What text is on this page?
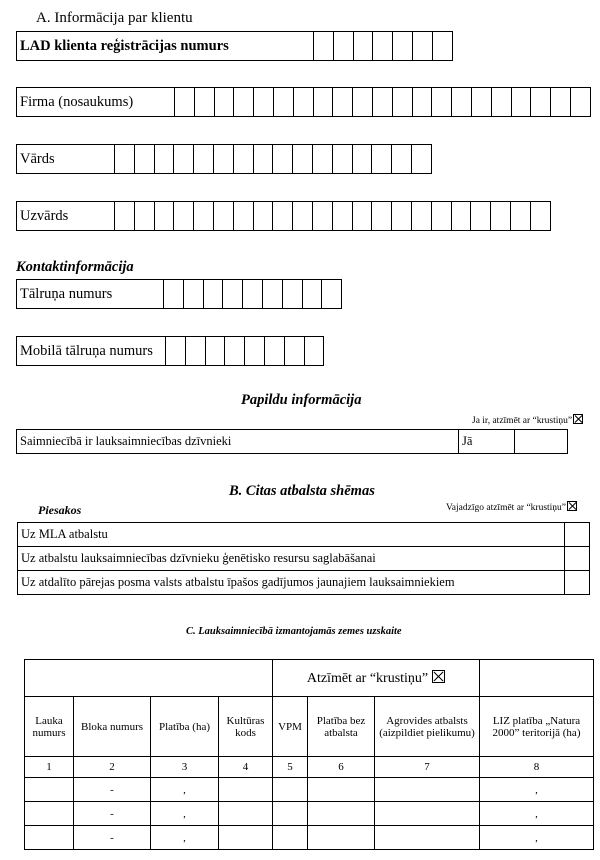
A. Informācija par klientu
LAD klienta reģistrācijas numurs
Firma (nosaukums)
Vārds
Uzvārds
Kontaktinformācija
Tālruņa numurs
Mobilā tālruņa numurs
Papildu informācija
Ja ir, atzīmēt ar “krustiņu”
Saimniecībā ir lauksaimniecības dzīvnieki	Jā
B. Citas atbalsta shēmas
Vajadzīgo atzīmēt ar “krustiņu”
Piesakos
Uz MLA atbalstu	
Uz atbalstu lauksaimniecības dzīvnieku ģenētisko resursu saglabāšanai	
Uz atdalīto pārejas posma valsts atbalstu īpašos gadījumos jaunajiem lauksaimniekiem	
C. Lauksaimniecībā izmantojamās zemes uzskaite
				Atzīmēt ar “krustiņu”			
Lauka numurs	Bloka numurs	Platība (ha)	Kultūras kods	VPM	Platība bez atbalsta	Agrovides atbalsts (aizpildiet pielikumu)	LIZ platība „Natura 2000” teritorijā (ha)
1	2	3	4	5	6	7	8
	-	,					,
	-	,					,
	-	,					,
